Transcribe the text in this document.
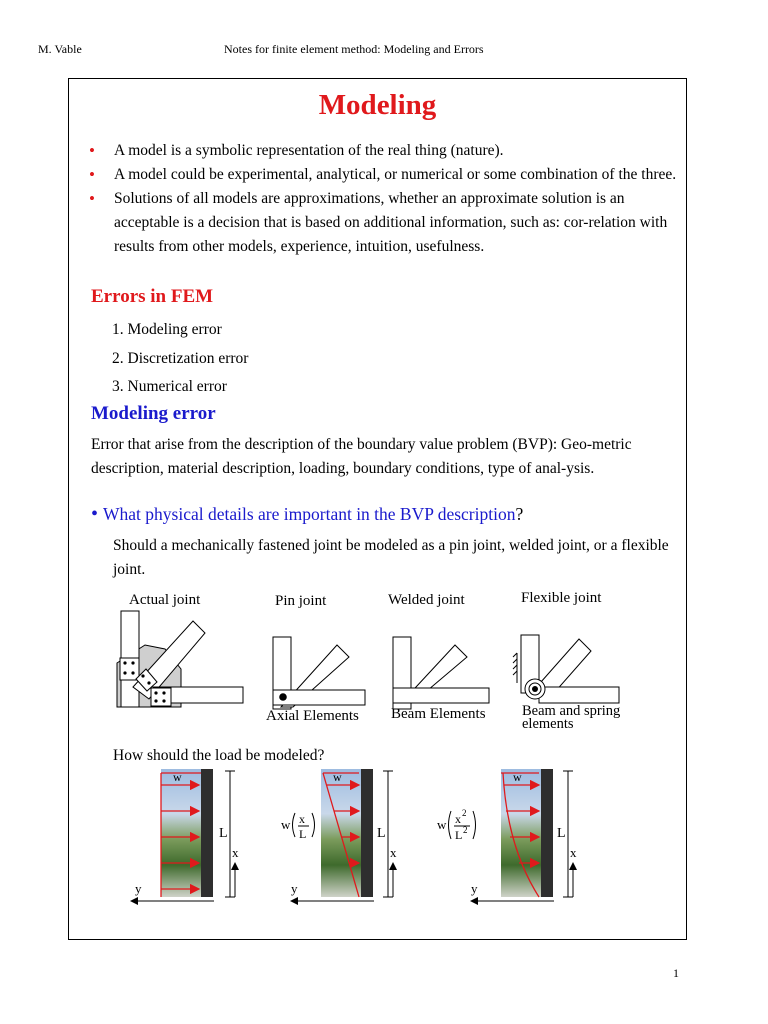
M. Vable	Notes for finite element method: Modeling and Errors
Modeling
• A model is a symbolic representation of the real thing (nature).
• A model could be experimental, analytical, or numerical or some combination of the three.
• Solutions of all models are approximations, whether an approximate solution is an acceptable is a decision that is based on additional information, such as: cor-relation with results from other models, experience, intuition, usefulness.
Errors in FEM
1. Modeling error
2. Discretization error
3. Numerical error
Modeling error
Error that arise from the description of the boundary value problem (BVP): Geo-metric description, material description, loading, boundary conditions, type of anal-ysis.
• What physical details are important in the BVP description?
Should a mechanically fastened joint be modeled as a pin joint, welded joint, or a flexible joint.
Actual joint	Pin joint	Welded joint	Flexible joint
Axial Elements Beam Elements	Beam and spring
elements
How should the load be modeled?
w
L
x
y
w
L
x
y
w x
L
w
L
x
y
w x 2
L 2
1
